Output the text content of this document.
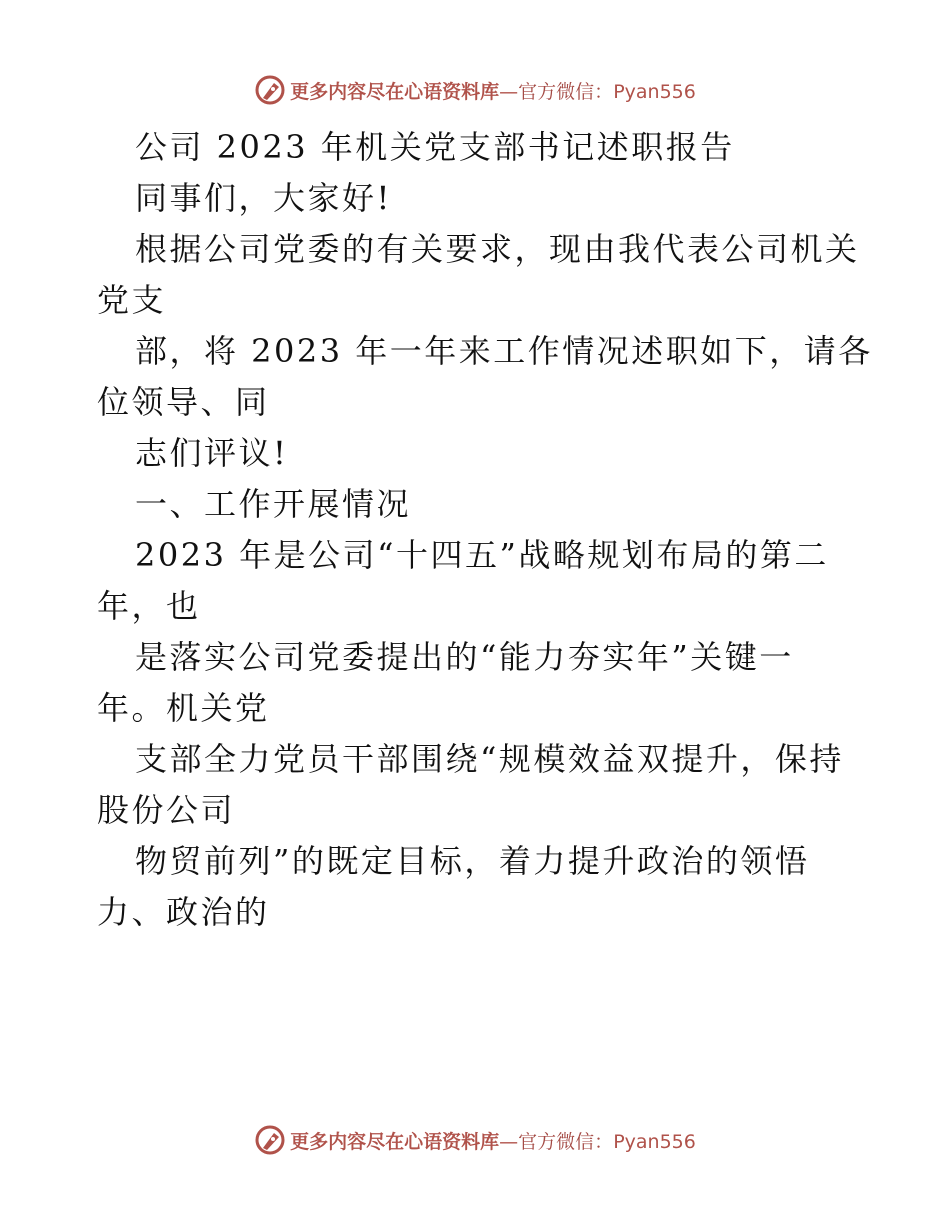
更多内容尽在心语资料库—官方微信：Pyan556
公司 2023 年机关党支部书记述职报告
同事们，大家好!
根据公司党委的有关要求，现由我代表公司机关
党支
部，将 2023 年一年来工作情况述职如下，请各
位领导、同
志们评议!
一、工作开展情况
2023 年是公司“十四五”战略规划布局的第二
年，也
是落实公司党委提出的“能力夯实年”关键一
年。机关党
支部全力党员干部围绕“规模效益双提升，保持
股份公司
物贸前列”的既定目标，着力提升政治的领悟
力、政治的
更多内容尽在心语资料库—官方微信：Pyan556
